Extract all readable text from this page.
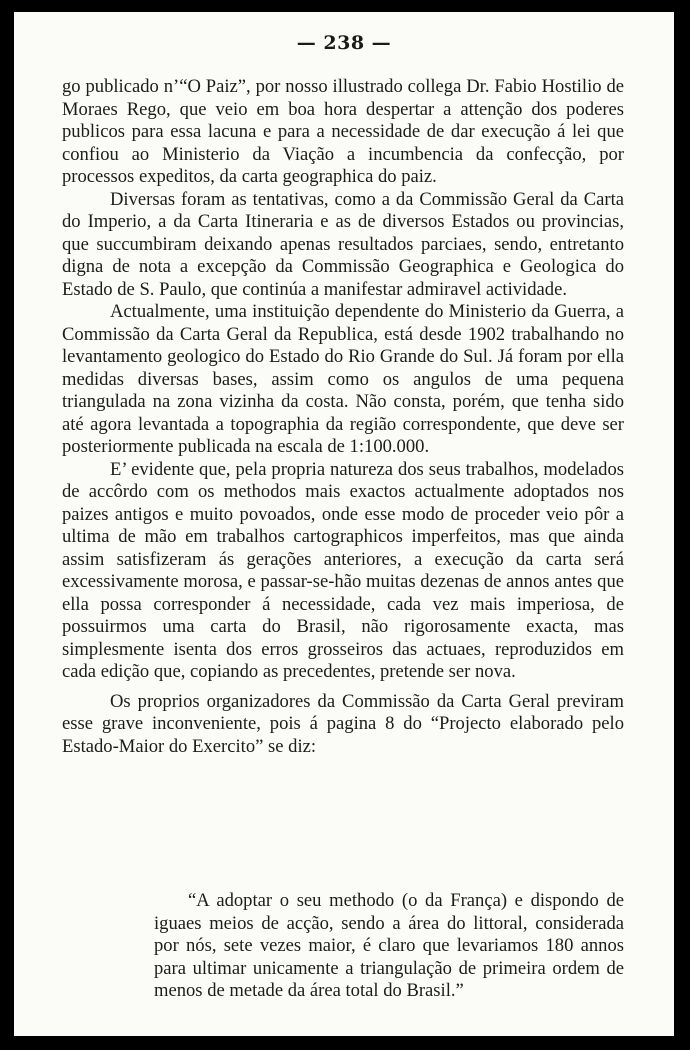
— 238 —

go publicado n’“O Paiz”, por nosso illustrado collega Dr. Fabio Hostilio de Moraes Rego, que veio em boa hora despertar a attenção dos poderes publicos para essa lacuna e para a necessidade de dar execução á lei que confiou ao Ministerio da Viação a incumbencia da confecção, por processos expeditos, da carta geographica do paiz.

Diversas foram as tentativas, como a da Commissão Geral da Carta do Imperio, a da Carta Itineraria e as de diversos Estados ou provincias, que succumbiram deixando apenas resultados parciaes, sendo, entretanto digna de nota a excepção da Commissão Geographica e Geologica do Estado de S. Paulo, que continúa a manifestar admiravel actividade.

Actualmente, uma instituição dependente do Ministerio da Guerra, a Commissão da Carta Geral da Republica, está desde 1902 trabalhando no levantamento geologico do Estado do Rio Grande do Sul. Já foram por ella medidas diversas bases, assim como os angulos de uma pequena triangulada na zona vizinha da costa. Não consta, porém, que tenha sido até agora levantada a topographia da região correspondente, que deve ser posteriormente publicada na escala de 1:100.000.

E’ evidente que, pela propria natureza dos seus trabalhos, modelados de accôrdo com os methodos mais exactos actualmente adoptados nos paizes antigos e muito povoados, onde esse modo de proceder veio pôr a ultima de mão em trabalhos cartographicos imperfeitos, mas que ainda assim satisfizeram ás gerações anteriores, a execução da carta será excessivamente morosa, e passar-se-hão muitas dezenas de annos antes que ella possa corresponder á necessidade, cada vez mais imperiosa, de possuirmos uma carta do Brasil, não rigorosamente exacta, mas simplesmente isenta dos erros grosseiros das actuaes, reproduzidos em cada edição que, copiando as precedentes, pretende ser nova.

Os proprios organizadores da Commissão da Carta Geral previram esse grave inconveniente, pois á pagina 8 do “Projecto elaborado pelo Estado-Maior do Exercito” se diz:

“A adoptar o seu methodo (o da França) e dispondo de iguaes meios de acção, sendo a área do littoral, considerada por nós, sete vezes maior, é claro que levariamos 180 annos para ultimar unicamente a triangulação de primeira ordem de menos de metade da área total do Brasil.”
